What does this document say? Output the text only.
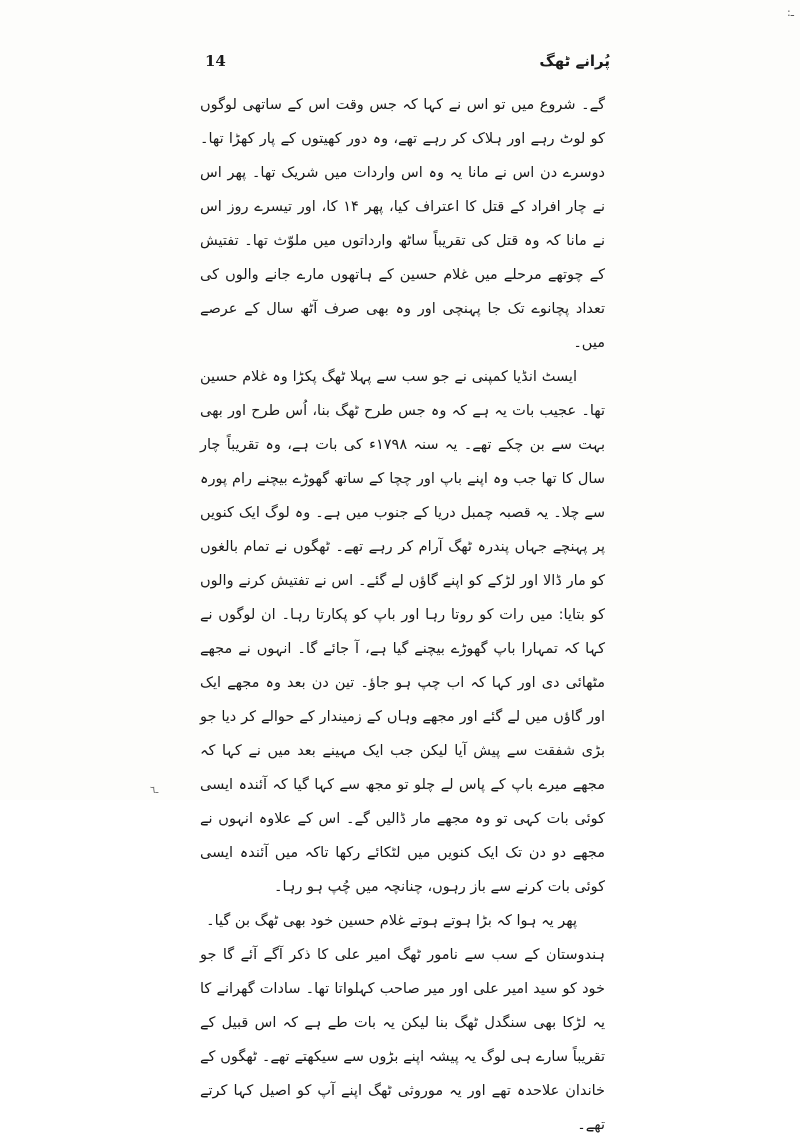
:ـ
14	پُرانے ٹھگ

گے۔ شروع میں تو اس نے کہا کہ جس وقت اس کے ساتھی لوگوں کو لوٹ رہے اور ہلاک کر رہے تھے، وہ دور کھیتوں کے پار کھڑا تھا۔ دوسرے دن اس نے مانا یہ وہ اس واردات میں شریک تھا۔ پھر اس نے چار افراد کے قتل کا اعتراف کیا، پھر ۱۴ کا، اور تیسرے روز اس نے مانا کہ وہ قتل کی تقریباً ساٹھ وارداتوں میں ملوّث تھا۔ تفتیش کے چوتھے مرحلے میں غلام حسین کے ہاتھوں مارے جانے والوں کی تعداد پچانوے تک جا پہنچی اور وہ بھی صرف آٹھ سال کے عرصے میں۔

ایسٹ انڈیا کمپنی نے جو سب سے پہلا ٹھگ پکڑا وہ غلام حسین تھا۔ عجیب بات یہ ہے کہ وہ جس طرح ٹھگ بنا، اُس طرح اور بھی بہت سے بن چکے تھے۔ یہ سنہ ۱۷۹۸ء کی بات ہے، وہ تقریباً چار سال کا تھا جب وہ اپنے باپ اور چچا کے ساتھ گھوڑے بیچنے رام پورہ سے چلا۔ یہ قصبہ چمبل دریا کے جنوب میں ہے۔ وہ لوگ ایک کنویں پر پہنچے جہاں پندرہ ٹھگ آرام کر رہے تھے۔ ٹھگوں نے تمام بالغوں کو مار ڈالا اور لڑکے کو اپنے گاؤں لے گئے۔ اس نے تفتیش کرنے والوں کو بتایا: میں رات کو روتا رہا اور باپ کو پکارتا رہا۔ ان لوگوں نے کہا کہ تمہارا باپ گھوڑے بیچنے گیا ہے، آ جائے گا۔ انہوں نے مجھے مٹھائی دی اور کہا کہ اب چپ ہو جاؤ۔ تین دن بعد وہ مجھے ایک اور گاؤں میں لے گئے اور مجھے وہاں کے زمیندار کے حوالے کر دیا جو بڑی شفقت سے پیش آیا لیکن جب ایک مہینے بعد میں نے کہا کہ مجھے میرے باپ کے پاس لے چلو تو مجھ سے کہا گیا کہ آئندہ ایسی کوئی بات کہی تو وہ مجھے مار ڈالیں گے۔ اس کے علاوہ انہوں نے مجھے دو دن تک ایک کنویں میں لٹکائے رکھا تاکہ میں آئندہ ایسی کوئی بات کرنے سے باز رہوں، چنانچہ میں چُپ ہو رہا۔

پھر یہ ہوا کہ بڑا ہوتے ہوتے غلام حسین خود بھی ٹھگ بن گیا۔

ہندوستان کے سب سے نامور ٹھگ امیر علی کا ذکر آگے آئے گا جو خود کو سید امیر علی اور میر صاحب کہلواتا تھا۔ سادات گھرانے کا یہ لڑکا بھی سنگدل ٹھگ بنا لیکن یہ بات طے ہے کہ اس قبیل کے تقریباً سارے ہی لوگ یہ پیشہ اپنے بڑوں سے سیکھتے تھے۔ ٹھگوں کے خاندان علاحدہ تھے اور یہ موروثی ٹھگ اپنے آپ کو اصیل کہا کرتے تھے۔

ـ٦
